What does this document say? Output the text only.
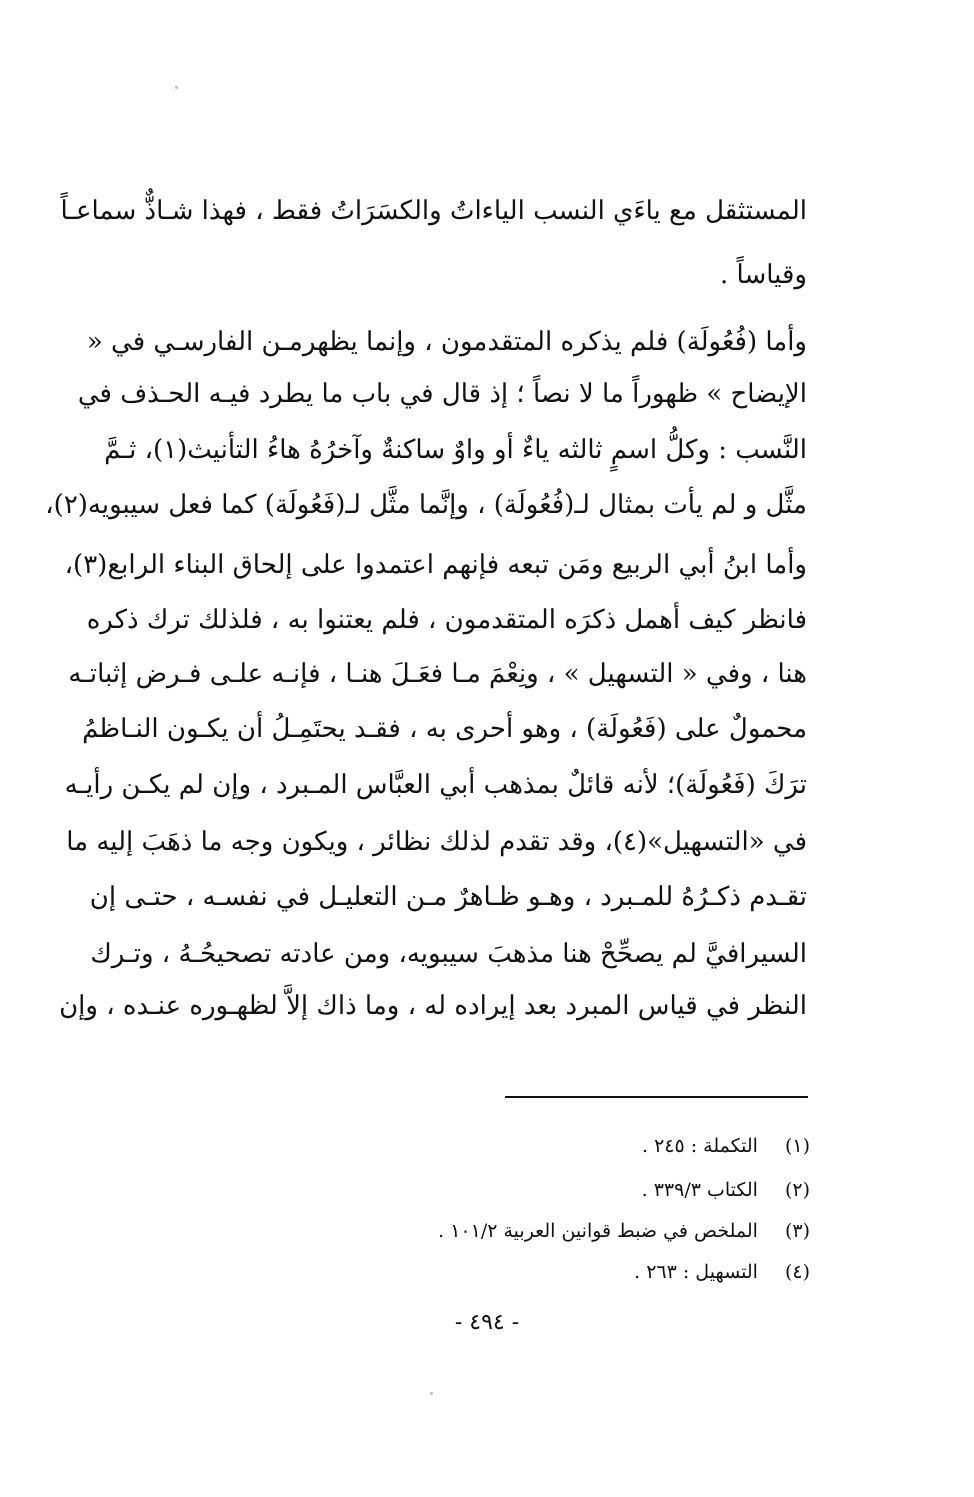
المستثقل مع ياءَي النسب الياءاتُ والكسَرَاتُ فقط ، فهذا شـاذٌّ سماعـاً
وقياساً .
وأما (فُعُولَة) فلم يذكره المتقدمون ، وإنما يظهرمـن الفارسـي في «
الإيضاح » ظهوراً ما لا نصاً ؛ إذ قال في باب ما يطرد فيـه الحـذف في
النَّسب : وكلُّ اسمٍ ثالثه ياءٌ أو واوٌ ساكنةٌ وآخرُهُ هاءُ التأنيث(١)، ثـمَّ
مثَّل و لم يأت بمثال لـ(فُعُولَة) ، وإنَّما مثَّل لـ(فَعُولَة) كما فعل سيبويه(٢)،
وأما ابنُ أبي الربيع ومَن تبعه فإنهم اعتمدوا على إلحاق البناء الرابع(٣)،
فانظر كيف أهمل ذكرَه المتقدمون ، فلم يعتنوا به ، فلذلك ترك ذكره
هنا ، وفي « التسهيل » ، ونِعْمَ مـا فعَـلَ هنـا ، فإنـه علـى فـرض إثباتـه
محمولٌ على (فَعُولَة) ، وهو أحرى به ، فقـد يحتَمِـلُ أن يكـون النـاظمُ
ترَكَ (فَعُولَة)؛ لأنه قائلٌ بمذهب أبي العبَّاس المـبرد ، وإن لم يكـن رأيـه
في «التسهيل»(٤)، وقد تقدم لذلك نظائر ، ويكون وجه ما ذهَبَ إليه ما
تقـدم ذكـرُهُ للمـبرد ، وهـو ظـاهرٌ مـن التعليـل في نفسـه ، حتـى إن
السيرافيَّ لم يصحِّحْ هنا مذهبَ سيبويه، ومن عادته تصحيحُـهُ ، وتـرك
النظر في قياس المبرد بعد إيراده له ، وما ذاك إلاَّ لظهـوره عنـده ، وإن
(١) التكملة : ٢٤٥ .
(٢) الكتاب ٣٣٩/٣ .
(٣) الملخص في ضبط قوانين العربية ١٠١/٢ .
(٤) التسهيل : ٢٦٣ .
- ٤٩٤ -
